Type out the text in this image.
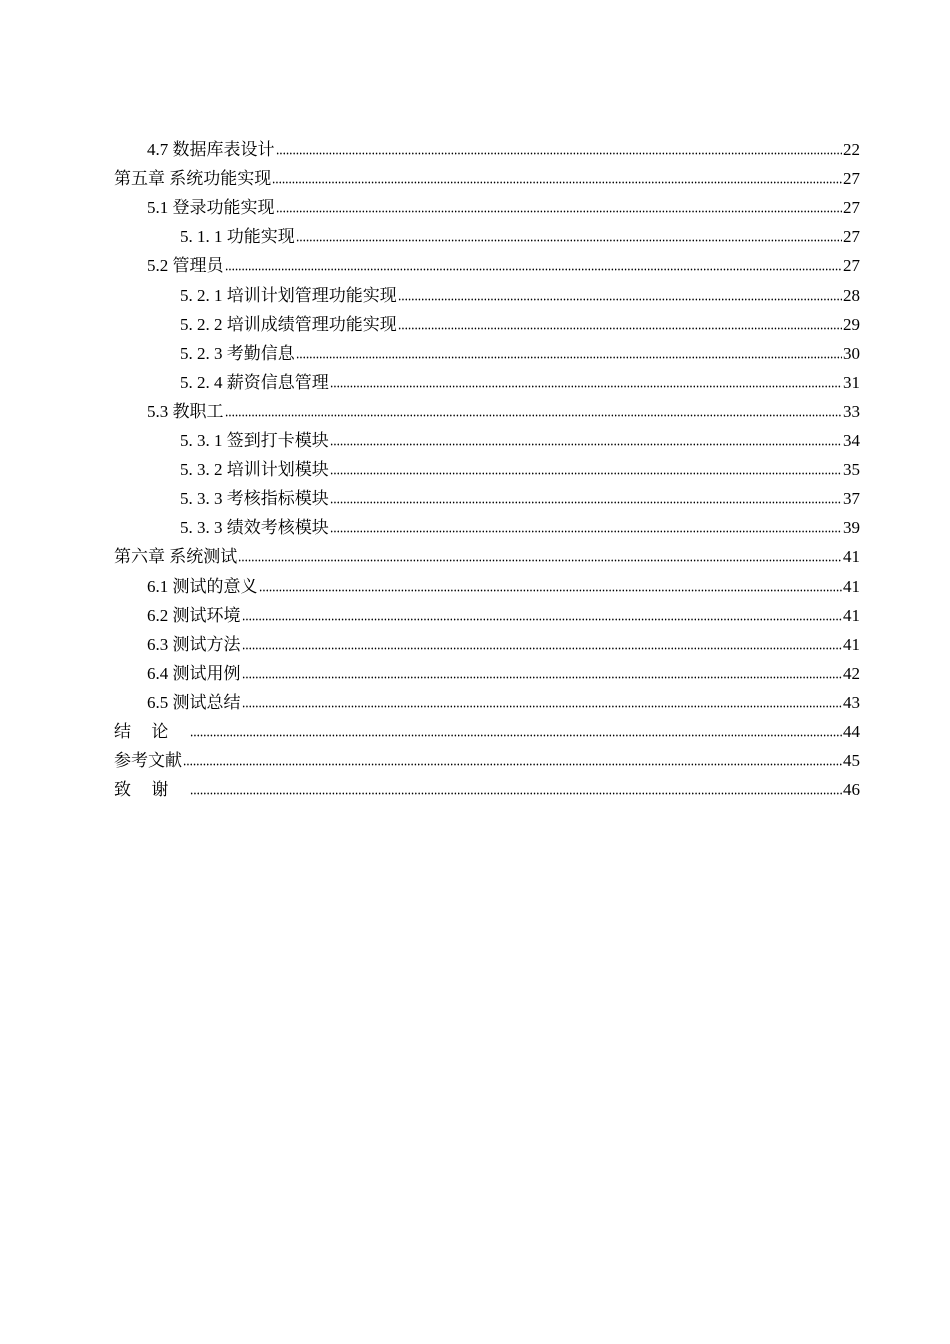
4.7 数据库表设计	22
第五章 系统功能实现	27
5.1 登录功能实现	27
5. 1. 1 功能实现	27
5.2 管理员	27
5. 2. 1 培训计划管理功能实现	28
5. 2. 2 培训成绩管理功能实现	29
5. 2. 3 考勤信息	30
5. 2. 4 薪资信息管理	31
5.3 教职工	33
5. 3. 1 签到打卡模块	34
5. 3. 2 培训计划模块	35
5. 3. 3 考核指标模块	37
5. 3. 3 绩效考核模块	39
第六章 系统测试	41
6.1 测试的意义	41
6.2 测试环境	41
6.3 测试方法	41
6.4 测试用例	42
6.5 测试总结	43
结论	44
参考文献	45
致谢	46
